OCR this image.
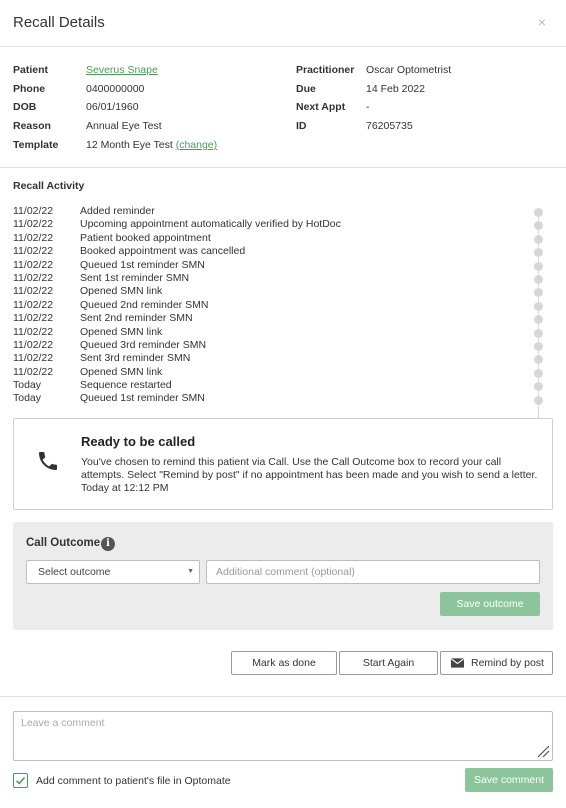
Recall Details	×
Patient	Severus Snape
Phone	0400000000
DOB	06/01/1960
Reason	Annual Eye Test
Template	12 Month Eye Test (change)
Practitioner Oscar Optometrist
Due	14 Feb 2022
Next Appt -
ID	76205735
Recall Activity
11/02/22	Added reminder
11/02/22	Upcoming appointment automatically verified by HotDoc
11/02/22	Patient booked appointment
11/02/22	Booked appointment was cancelled
11/02/22	Queued 1st reminder SMN
11/02/22	Sent 1st reminder SMN
11/02/22	Opened SMN link
11/02/22	Queued 2nd reminder SMN
11/02/22	Sent 2nd reminder SMN
11/02/22	Opened SMN link
11/02/22	Queued 3rd reminder SMN
11/02/22	Sent 3rd reminder SMN
11/02/22	Opened SMN link
Today	Sequence restarted
Today	Queued 1st reminder SMN
Ready to be called
You've chosen to remind this patient via Call. Use the Call Outcome box to record your call attempts. Select "Remind by post" if no appointment has been made and you wish to send a letter.
Today at 12:12 PM
Call Outcome i
Select outcome	▼	Additional comment (optional)
Save outcome
Mark as done	Start Again	Remind by post
Leave a comment
Add comment to patient's file in Optomate	Save comment
